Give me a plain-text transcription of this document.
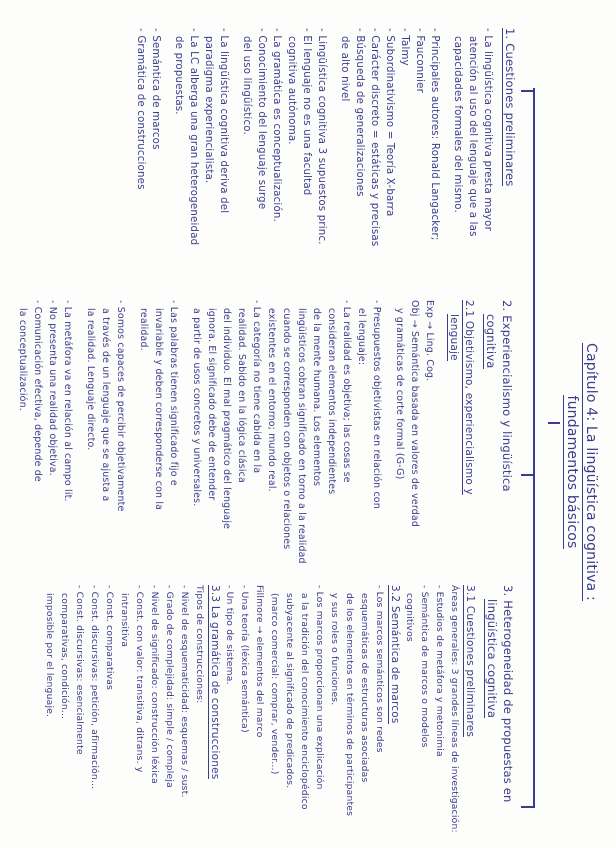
Capítulo 4: La lingüística cognitiva :
fundamentos básicos
1. Cuestiones preliminares
- La lingüística cognitiva presta mayor
atención al uso del lenguaje que a las
capacidades formales del mismo.
- Principales autores: Ronald Langacker;
- Fauconnier
- Talmy
- Subordinativismo = Teoría X-barra
- Carácter discreto = estáticas y precisas
- Búsqueda de generalizaciones
de alto nivel
- Lingüística cognitiva 3 supuestos princ.
- El lenguaje no es una facultad
cognitiva autónoma.
- La gramática es conceptualización.
- Conocimiento del lenguaje surge
del uso lingüístico.
- La lingüística cognitiva deriva del
paradigma experiencialista.
- La LC alberga una gran heterogeneidad
de propuestas.
- Semántica de marcos
- Gramática de construcciones
2. Experiencialismo y lingüística
cognitiva
2.1 Objetivismo, experiencialismo y
lenguaje
Exp → Ling. Cog.
Obj → Semántica basada en valores de verdad
y gramáticas de corte formal (G-G)
- Presupuestos objetivistas en relación con
el lenguaje:
- La realidad es objetiva; las cosas se
consideran elementos independientes
de la mente humana. Los elementos
lingüísticos cobran significado en torno a la realidad
cuando se corresponden con objetos o relaciones
existentes en el entorno; mundo real.
- La categoría no tiene cabida en la
realidad. Sabido en la lógica clásica
del individuo. El mal pragmático del lenguaje
ignora. El significado debe de entender
a partir de usos concretos y universales.
- Las palabras tienen significado fijo e
invariable y deben corresponderse con la
realidad.
- Somos capaces de percibir objetivamente
a través de un lenguaje que se ajusta a
la realidad. Lenguaje directo.
- La metáfora va en relación al campo lit.
- No presenta una realidad objetiva.
- Comunicación efectiva, depende de
la conceptualización.
3. Heterogeneidad de propuestas en
lingüística cognitiva
3.1 Cuestiones preliminares
Áreas generales: 3 grandes líneas de investigación:
- Estudios de metáfora y metonimia
- Semántica de marcos o modelos
cognitivos
3.2 Semántica de marcos
- Los marcos semánticos son redes
esquemáticas de estructuras asociadas
de los elementos en términos de participantes
y sus roles o funciones.
- Los marcos proporcionan una explicación
a la tradición del conocimiento enciclopédico
subyacente al significado de predicados.
(marco comercial: comprar, vender...)
Fillmore → elementos del marco
- Una teoría (léxica semántica)
- Un tipo de sistema.
3.3 La gramática de construcciones
Tipos de construcciones:
- Nivel de esquematicidad: esquemas / sust.
- Grado de complejidad: simple / compleja
- Nivel de significado: construcción léxica
- Const. con valor: transitiva, ditrans. y
intransitiva
- Const. comparativas
- Const. discursivas: petición, afirmación...
- Const. discursivas: esencialmente
comparativas, condición...
imposible por el lenguaje.
